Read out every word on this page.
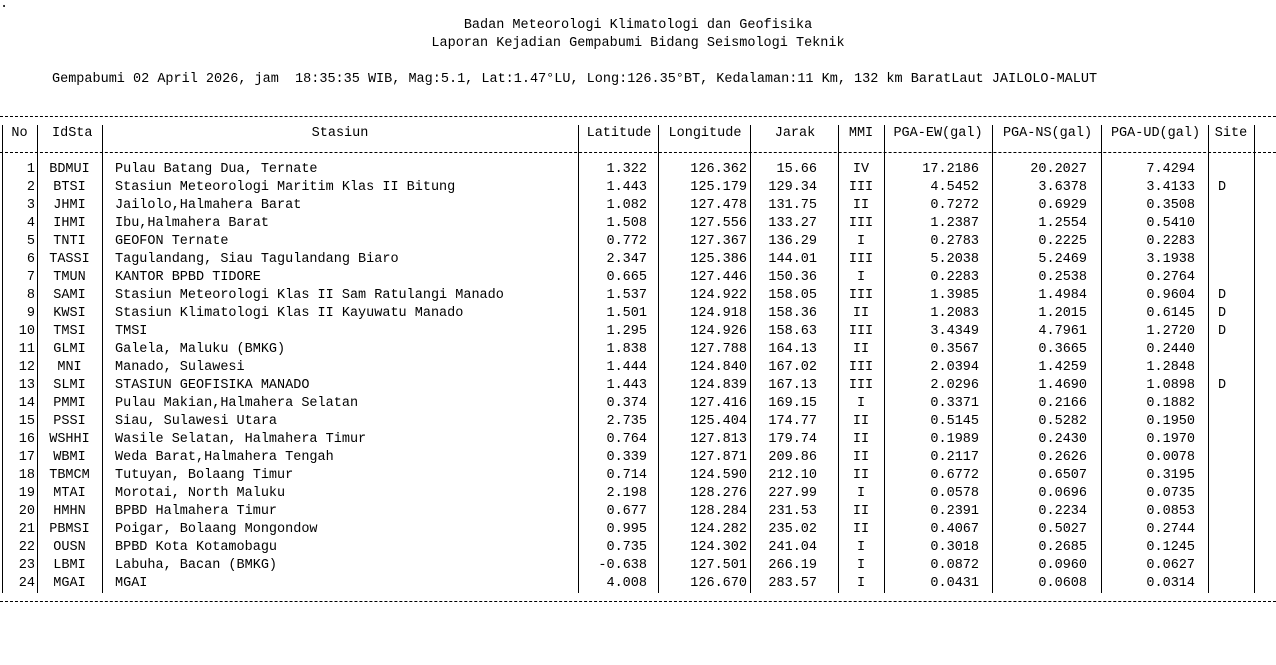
.
Badan Meteorologi Klimatologi dan Geofisika
Laporan Kejadian Gempabumi Bidang Seismologi Teknik
Gempabumi 02 April 2026, jam  18:35:35 WIB, Mag:5.1, Lat:1.47°LU, Long:126.35°BT, Kedalaman:11 Km, 132 km BaratLaut JAILOLO-MALUT
No	IdSta	Stasiun	Latitude	Longitude	Jarak	MMI	PGA-EW(gal)	PGA-NS(gal)	PGA-UD(gal)	Site
1	BDMUI	Pulau Batang Dua, Ternate	1.322	126.362	15.66	IV	17.2186	20.2027	7.4294
2	BTSI	Stasiun Meteorologi Maritim Klas II Bitung	1.443	125.179	129.34	III	4.5452	3.6378	3.4133 D
3	JHMI	Jailolo,Halmahera Barat	1.082	127.478	131.75	II	0.7272	0.6929	0.3508
4	IHMI	Ibu,Halmahera Barat	1.508	127.556	133.27	III	1.2387	1.2554	0.5410
5	TNTI	GEOFON Ternate	0.772	127.367	136.29	I	0.2783	0.2225	0.2283
6	TASSI	Tagulandang, Siau Tagulandang Biaro	2.347	125.386	144.01	III	5.2038	5.2469	3.1938
7	TMUN	KANTOR BPBD TIDORE	0.665	127.446	150.36	I	0.2283	0.2538	0.2764
8	SAMI	Stasiun Meteorologi Klas II Sam Ratulangi Manado	1.537	124.922	158.05	III	1.3985	1.4984	0.9604 D
9	KWSI	Stasiun Klimatologi Klas II Kayuwatu Manado	1.501	124.918	158.36	II	1.2083	1.2015	0.6145 D
10	TMSI	TMSI	1.295	124.926	158.63	III	3.4349	4.7961	1.2720 D
11	GLMI	Galela, Maluku (BMKG)	1.838	127.788	164.13	II	0.3567	0.3665	0.2440
12	MNI	Manado, Sulawesi	1.444	124.840	167.02	III	2.0394	1.4259	1.2848
13	SLMI	STASIUN GEOFISIKA MANADO	1.443	124.839	167.13	III	2.0296	1.4690	1.0898 D
14	PMMI	Pulau Makian,Halmahera Selatan	0.374	127.416	169.15	I	0.3371	0.2166	0.1882
15	PSSI	Siau, Sulawesi Utara	2.735	125.404	174.77	II	0.5145	0.5282	0.1950
16	WSHHI	Wasile Selatan, Halmahera Timur	0.764	127.813	179.74	II	0.1989	0.2430	0.1970
17	WBMI	Weda Barat,Halmahera Tengah	0.339	127.871	209.86	II	0.2117	0.2626	0.0078
18	TBMCM	Tutuyan, Bolaang Timur	0.714	124.590	212.10	II	0.6772	0.6507	0.3195
19	MTAI	Morotai, North Maluku	2.198	128.276	227.99	I	0.0578	0.0696	0.0735
20	HMHN	BPBD Halmahera Timur	0.677	128.284	231.53	II	0.2391	0.2234	0.0853
21	PBMSI	Poigar, Bolaang Mongondow	0.995	124.282	235.02	II	0.4067	0.5027	0.2744
22	OUSN	BPBD Kota Kotamobagu	0.735	124.302	241.04	I	0.3018	0.2685	0.1245
23	LBMI	Labuha, Bacan (BMKG)	-0.638	127.501	266.19	I	0.0872	0.0960	0.0627
24	MGAI	MGAI	4.008	126.670	283.57	I	0.0431	0.0608	0.0314
